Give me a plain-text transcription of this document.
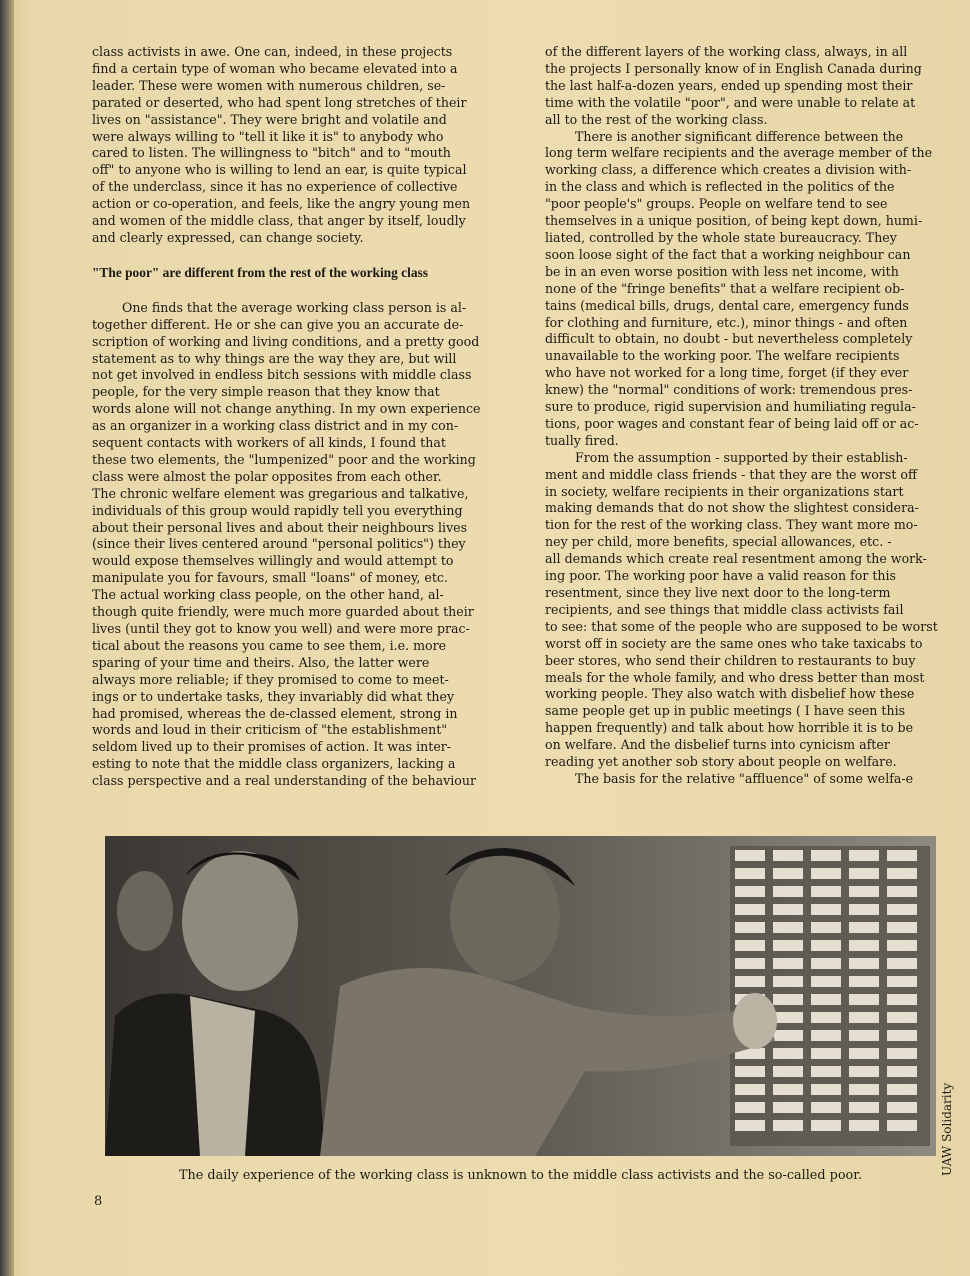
class activists in awe. One can, indeed, in these projects
find a certain type of woman who became elevated into a
leader. These were women with numerous children, se-
parated or deserted, who had spent long stretches of their
lives on "assistance". They were bright and volatile and
were always willing to "tell it like it is" to anybody who
cared to listen. The willingness to "bitch" and to "mouth
off" to anyone who is willing to lend an ear, is quite typical
of the underclass, since it has no experience of collective
action or co-operation, and feels, like the angry young men
and women of the middle class, that anger by itself, loudly
and clearly expressed, can change society.

"The poor" are different from the rest of the working class

One finds that the average working class person is al-
together different. He or she can give you an accurate de-
scription of working and living conditions, and a pretty good
statement as to why things are the way they are, but will
not get involved in endless bitch sessions with middle class
people, for the very simple reason that they know that
words alone will not change anything. In my own experience
as an organizer in a working class district and in my con-
sequent contacts with workers of all kinds, I found that
these two elements, the "lumpenized" poor and the working
class were almost the polar opposites from each other.
The chronic welfare element was gregarious and talkative,
individuals of this group would rapidly tell you everything
about their personal lives and about their neighbours lives
(since their lives centered around "personal politics") they
would expose themselves willingly and would attempt to
manipulate you for favours, small "loans" of money, etc.
The actual working class people, on the other hand, al-
though quite friendly, were much more guarded about their
lives (until they got to know you well) and were more prac-
tical about the reasons you came to see them, i.e. more
sparing of your time and theirs. Also, the latter were
always more reliable; if they promised to come to meet-
ings or to undertake tasks, they invariably did what they
had promised, whereas the de-classed element, strong in
words and loud in their criticism of "the establishment"
seldom lived up to their promises of action. It was inter-
esting to note that the middle class organizers, lacking a
class perspective and a real understanding of the behaviour

of the different layers of the working class, always, in all
the projects I personally know of in English Canada during
the last half-a-dozen years, ended up spending most their
time with the volatile "poor", and were unable to relate at
all to the rest of the working class.

There is another significant difference between the
long term welfare recipients and the average member of the
working class, a difference which creates a division with-
in the class and which is reflected in the politics of the
"poor people's" groups. People on welfare tend to see
themselves in a unique position, of being kept down, humi-
liated, controlled by the whole state bureaucracy. They
soon loose sight of the fact that a working neighbour can
be in an even worse position with less net income, with
none of the "fringe benefits" that a welfare recipient ob-
tains (medical bills, drugs, dental care, emergency funds
for clothing and furniture, etc.), minor things - and often
difficult to obtain, no doubt - but nevertheless completely
unavailable to the working poor. The welfare recipients
who have not worked for a long time, forget (if they ever
knew) the "normal" conditions of work: tremendous pres-
sure to produce, rigid supervision and humiliating regula-
tions, poor wages and constant fear of being laid off or ac-
tually fired.

From the assumption - supported by their establish-
ment and middle class friends - that they are the worst off
in society, welfare recipients in their organizations start
making demands that do not show the slightest considera-
tion for the rest of the working class. They want more mo-
ney per child, more benefits, special allowances, etc. -
all demands which create real resentment among the work-
ing poor. The working poor have a valid reason for this
resentment, since they live next door to the long-term
recipients, and see things that middle class activists fail
to see: that some of the people who are supposed to be worst
worst off in society are the same ones who take taxicabs to
beer stores, who send their children to restaurants to buy
meals for the whole family, and who dress better than most
working people. They also watch with disbelief how these
same people get up in public meetings ( I have seen this
happen frequently) and talk about how horrible it is to be
on welfare. And the disbelief turns into cynicism after
reading yet another sob story about people on welfare.

The basis for the relative "affluence" of some welfa-e

The daily experience of the working class is unknown to the middle class activists and the so-called poor.	UAW Solidarity
8
